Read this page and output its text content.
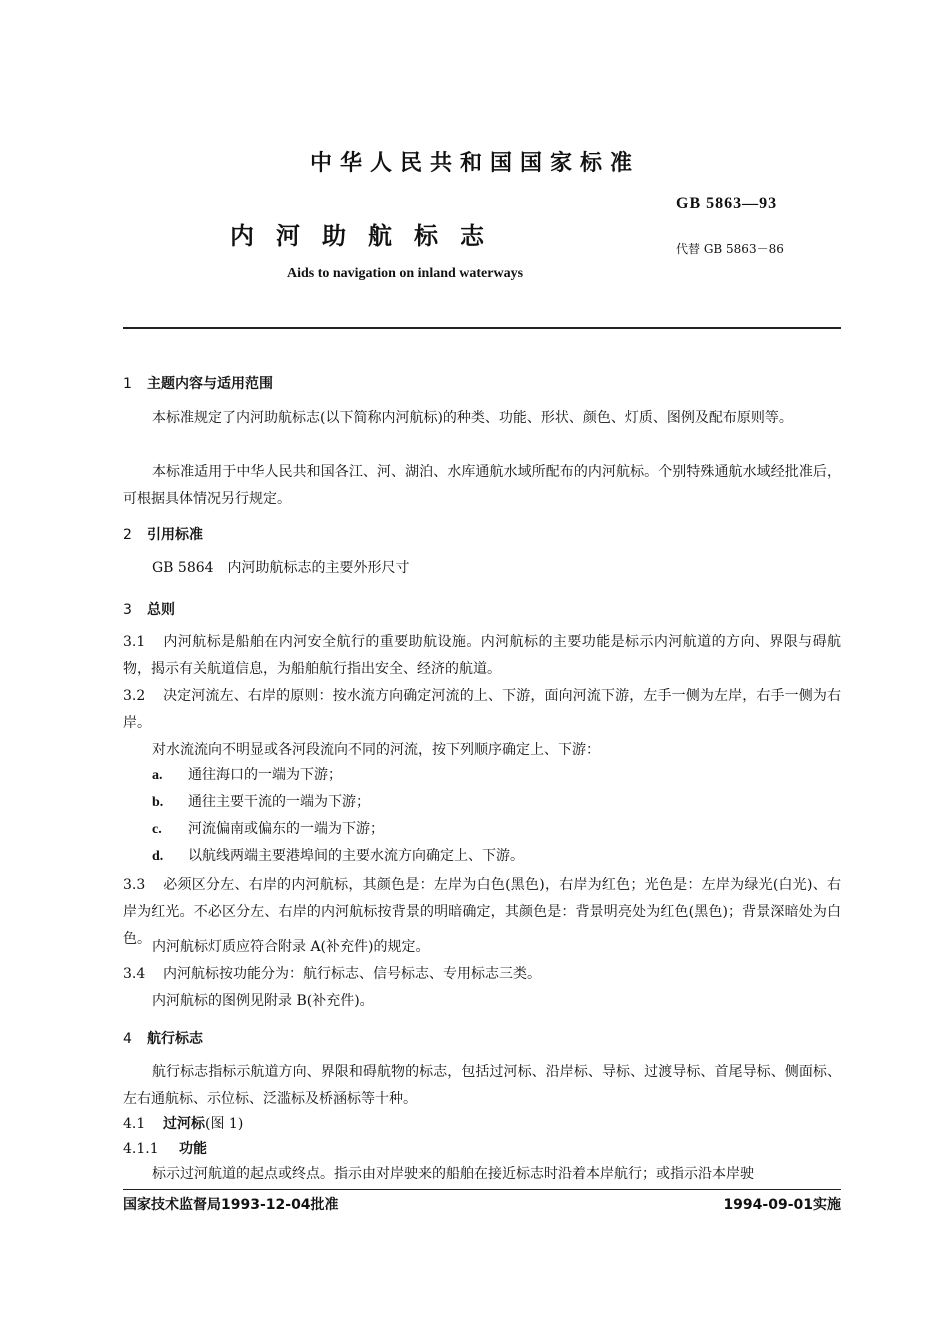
中华人民共和国国家标准
GB 5863—93
内河助航标志	代替 GB 5863－86
Aids to navigation on inland waterways
1 主题内容与适用范围
本标准规定了内河助航标志(以下简称内河航标)的种类、功能、形状、颜色、灯质、图例及配布原则等。
本标准适用于中华人民共和国各江、河、湖泊、水库通航水域所配布的内河航标。个别特殊通航水域经批准后，可根据具体情况另行规定。
2 引用标准
GB 5864　内河助航标志的主要外形尺寸
3 总则
3.1 内河航标是船舶在内河安全航行的重要助航设施。内河航标的主要功能是标示内河航道的方向、界限与碍航物，揭示有关航道信息，为船舶航行指出安全、经济的航道。
3.2 决定河流左、右岸的原则：按水流方向确定河流的上、下游，面向河流下游，左手一侧为左岸，右手一侧为右岸。
对水流流向不明显或各河段流向不同的河流，按下列顺序确定上、下游：
a. 通往海口的一端为下游；
b. 通往主要干流的一端为下游；
c. 河流偏南或偏东的一端为下游；
d. 以航线两端主要港埠间的主要水流方向确定上、下游。
3.3 必须区分左、右岸的内河航标，其颜色是：左岸为白色(黑色)，右岸为红色；光色是：左岸为绿光(白光)、右岸为红光。不必区分左、右岸的内河航标按背景的明暗确定，其颜色是：背景明亮处为红色(黑色)；背景深暗处为白色。 内河航标灯质应符合附录 A(补充件)的规定。
3.4 内河航标按功能分为：航行标志、信号标志、专用标志三类。
内河航标的图例见附录 B(补充件)。
4 航行标志
航行标志指标示航道方向、界限和碍航物的标志，包括过河标、沿岸标、导标、过渡导标、首尾导标、侧面标、左右通航标、示位标、泛滥标及桥涵标等十种。
4.1 过河标(图 1)
4.1.1 功能
标示过河航道的起点或终点。指示由对岸驶来的船舶在接近标志时沿着本岸航行；或指示沿本岸驶
国家技术监督局1993-12-04批准	1994-09-01实施
